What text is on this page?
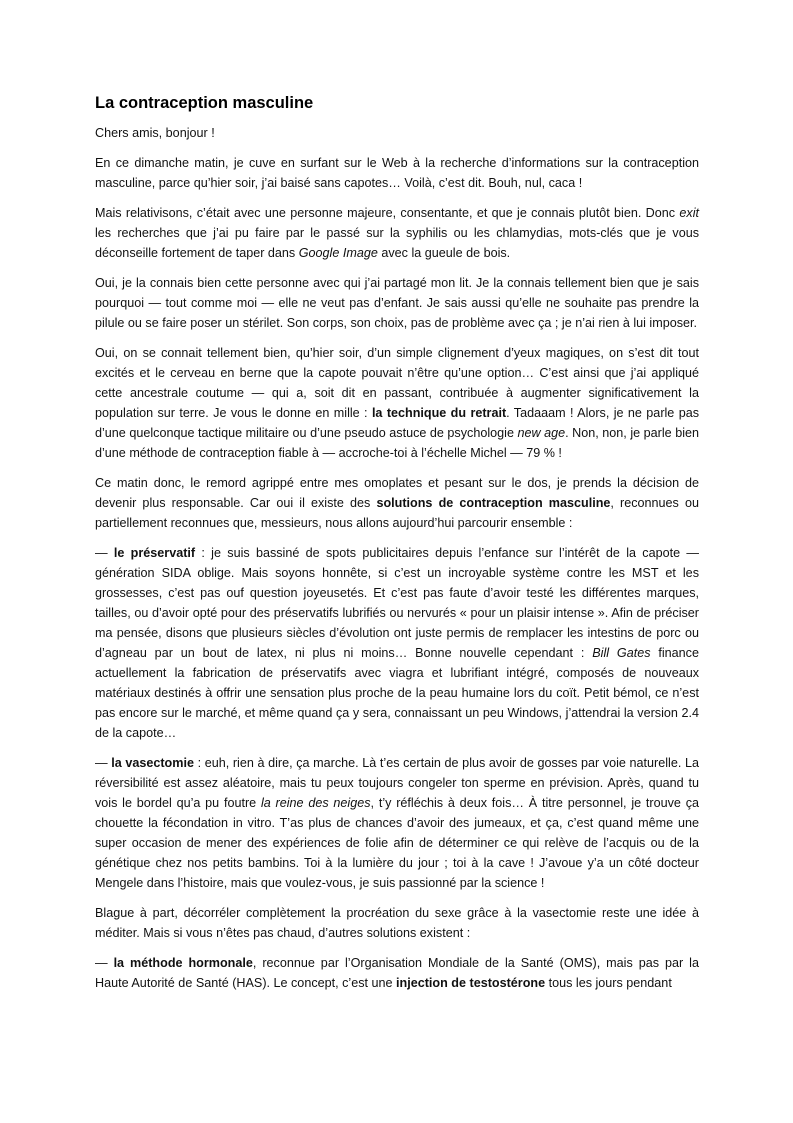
La contraception masculine

Chers amis, bonjour !

En ce dimanche matin, je cuve en surfant sur le Web à la recherche d’informations sur la contraception masculine, parce qu’hier soir, j’ai baisé sans capotes… Voilà, c’est dit. Bouh, nul, caca !

Mais relativisons, c’était avec une personne majeure, consentante, et que je connais plutôt bien. Donc exit les recherches que j’ai pu faire par le passé sur la syphilis ou les chlamydias, mots-clés que je vous déconseille fortement de taper dans Google Image avec la gueule de bois.

Oui, je la connais bien cette personne avec qui j’ai partagé mon lit. Je la connais tellement bien que je sais pourquoi — tout comme moi — elle ne veut pas d’enfant. Je sais aussi qu’elle ne souhaite pas prendre la pilule ou se faire poser un stérilet. Son corps, son choix, pas de problème avec ça ; je n’ai rien à lui imposer.

Oui, on se connait tellement bien, qu’hier soir, d’un simple clignement d’yeux magiques, on s’est dit tout excités et le cerveau en berne que la capote pouvait n’être qu’une option… C’est ainsi que j’ai appliqué cette ancestrale coutume — qui a, soit dit en passant, contribuée à augmenter significativement la population sur terre. Je vous le donne en mille : la technique du retrait. Tadaaam ! Alors, je ne parle pas d’une quelconque tactique militaire ou d’une pseudo astuce de psychologie new age. Non, non, je parle bien d’une méthode de contraception fiable à — accroche-toi à l’échelle Michel — 79 % !

Ce matin donc, le remord agrippé entre mes omoplates et pesant sur le dos, je prends la décision de devenir plus responsable. Car oui il existe des solutions de contraception masculine, reconnues ou partiellement reconnues que, messieurs, nous allons aujourd’hui parcourir ensemble :

— le préservatif : je suis bassiné de spots publicitaires depuis l’enfance sur l’intérêt de la capote — génération SIDA oblige. Mais soyons honnête, si c’est un incroyable système contre les MST et les grossesses, c’est pas ouf question joyeusetés. Et c’est pas faute d’avoir testé les différentes marques, tailles, ou d’avoir opté pour des préservatifs lubrifiés ou nervurés « pour un plaisir intense ». Afin de préciser ma pensée, disons que plusieurs siècles d’évolution ont juste permis de remplacer les intestins de porc ou d’agneau par un bout de latex, ni plus ni moins… Bonne nouvelle cependant : Bill Gates finance actuellement la fabrication de préservatifs avec viagra et lubrifiant intégré, composés de nouveaux matériaux destinés à offrir une sensation plus proche de la peau humaine lors du coït. Petit bémol, ce n’est pas encore sur le marché, et même quand ça y sera, connaissant un peu Windows, j’attendrai la version 2.4 de la capote…

— la vasectomie : euh, rien à dire, ça marche. Là t’es certain de plus avoir de gosses par voie naturelle. La réversibilité est assez aléatoire, mais tu peux toujours congeler ton sperme en prévision. Après, quand tu vois le bordel qu’a pu foutre la reine des neiges, t’y réfléchis à deux fois… À titre personnel, je trouve ça chouette la fécondation in vitro. T’as plus de chances d’avoir des jumeaux, et ça, c’est quand même une super occasion de mener des expériences de folie afin de déterminer ce qui relève de l’acquis ou de la génétique chez nos petits bambins. Toi à la lumière du jour ; toi à la cave ! J’avoue y’a un côté docteur Mengele dans l’histoire, mais que voulez-vous, je suis passionné par la science !

Blague à part, décorréler complètement la procréation du sexe grâce à la vasectomie reste une idée à méditer. Mais si vous n’êtes pas chaud, d’autres solutions existent :

— la méthode hormonale, reconnue par l’Organisation Mondiale de la Santé (OMS), mais pas par la Haute Autorité de Santé (HAS). Le concept, c’est une injection de testostérone tous les jours pendant
